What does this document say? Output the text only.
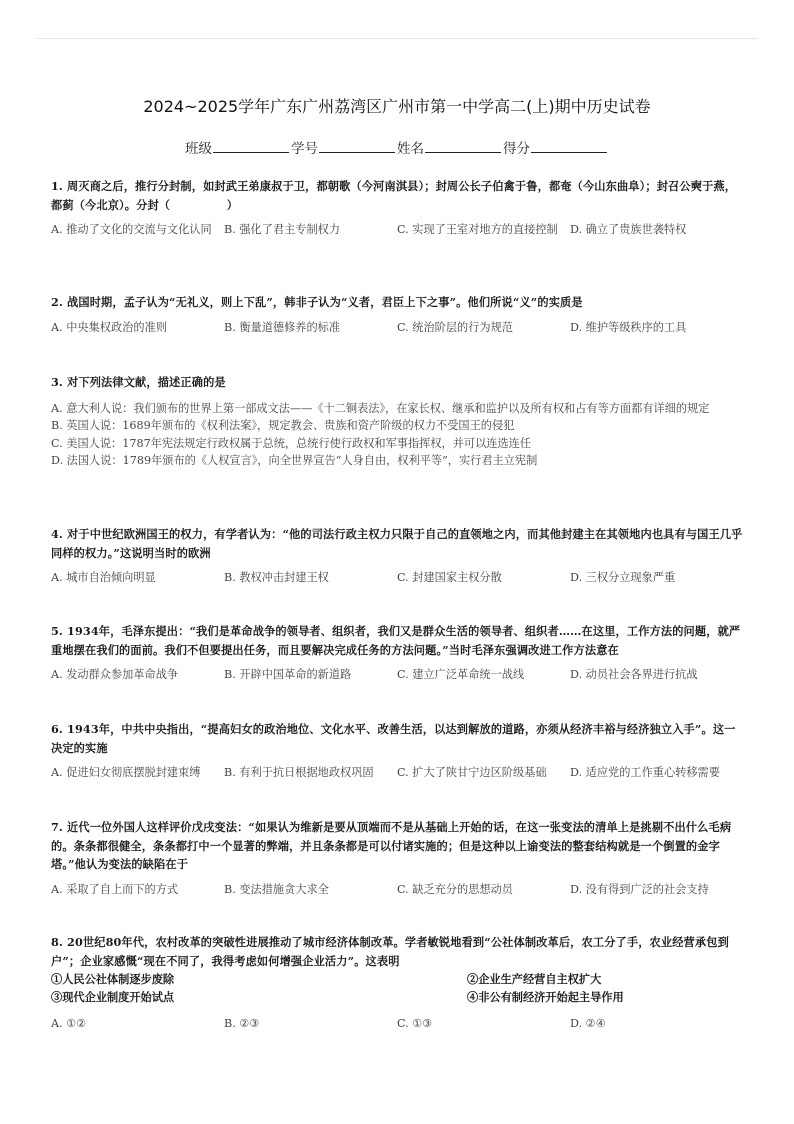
2024~2025学年广东广州荔湾区广州市第一中学高二(上)期中历史试卷
班级	学号	姓名	得分
1. 周灭商之后，推行分封制，如封武王弟康叔于卫，都朝歌（今河南淇县）；封周公长子伯禽于鲁，都奄（今山东曲阜）；封召公奭于燕，都蓟（今北京）。分封（　　　　　）
A. 推动了文化的交流与文化认同	B. 强化了君主专制权力	C. 实现了王室对地方的直接控制	D. 确立了贵族世袭特权
2. 战国时期，孟子认为“无礼义，则上下乱”，韩非子认为“义者，君臣上下之事”。他们所说“义”的实质是
A. 中央集权政治的准则	B. 衡量道德修养的标准	C. 统治阶层的行为规范	D. 维护等级秩序的工具
3. 对下列法律文献，描述正确的是
A. 意大利人说：我们颁布的世界上第一部成文法——《十二铜表法》，在家长权、继承和监护以及所有权和占有等方面都有详细的规定
B. 英国人说：1689年颁布的《权利法案》，规定教会、贵族和资产阶级的权力不受国王的侵犯
C. 美国人说：1787年宪法规定行政权属于总统，总统行使行政权和军事指挥权，并可以连选连任
D. 法国人说：1789年颁布的《人权宣言》，向全世界宣告“人身自由，权利平等”，实行君主立宪制
4. 对于中世纪欧洲国王的权力，有学者认为：“他的司法行政主权力只限于自己的直领地之内，而其他封建主在其领地内也具有与国王几乎同样的权力。”这说明当时的欧洲
A. 城市自治倾向明显	B. 教权冲击封建王权	C. 封建国家主权分散	D. 三权分立现象严重
5. 1934年，毛泽东提出：“我们是革命战争的领导者、组织者，我们又是群众生活的领导者、组织者……在这里，工作方法的问题，就严重地摆在我们的面前。我们不但要提出任务，而且要解决完成任务的方法问题。”当时毛泽东强调改进工作方法意在
A. 发动群众参加革命战争	B. 开辟中国革命的新道路	C. 建立广泛革命统一战线	D. 动员社会各界进行抗战
6. 1943年，中共中央指出，“提高妇女的政治地位、文化水平、改善生活，以达到解放的道路，亦须从经济丰裕与经济独立入手”。这一决定的实施
A. 促进妇女彻底摆脱封建束缚	B. 有利于抗日根据地政权巩固	C. 扩大了陕甘宁边区阶级基础	D. 适应党的工作重心转移需要
7. 近代一位外国人这样评价戊戌变法：“如果认为维新是要从顶端而不是从基础上开始的话，在这一张变法的清单上是挑剔不出什么毛病的。条条都很健全，条条都打中一个显著的弊端，并且条条都是可以付诸实施的；但是这种以上谕变法的整套结构就是一个倒置的金字塔。”他认为变法的缺陷在于
A. 采取了自上而下的方式	B. 变法措施贪大求全	C. 缺乏充分的思想动员	D. 没有得到广泛的社会支持
8. 20世纪80年代，农村改革的突破性进展推动了城市经济体制改革。学者敏锐地看到“公社体制改革后，农工分了手，农业经营承包到户”；企业家感慨“现在不同了，我得考虑如何增强企业活力”。这表明
①人民公社体制逐步废除	②企业生产经营自主权扩大
③现代企业制度开始试点	④非公有制经济开始起主导作用
A. ①②	B. ②③	C. ①③	D. ②④
